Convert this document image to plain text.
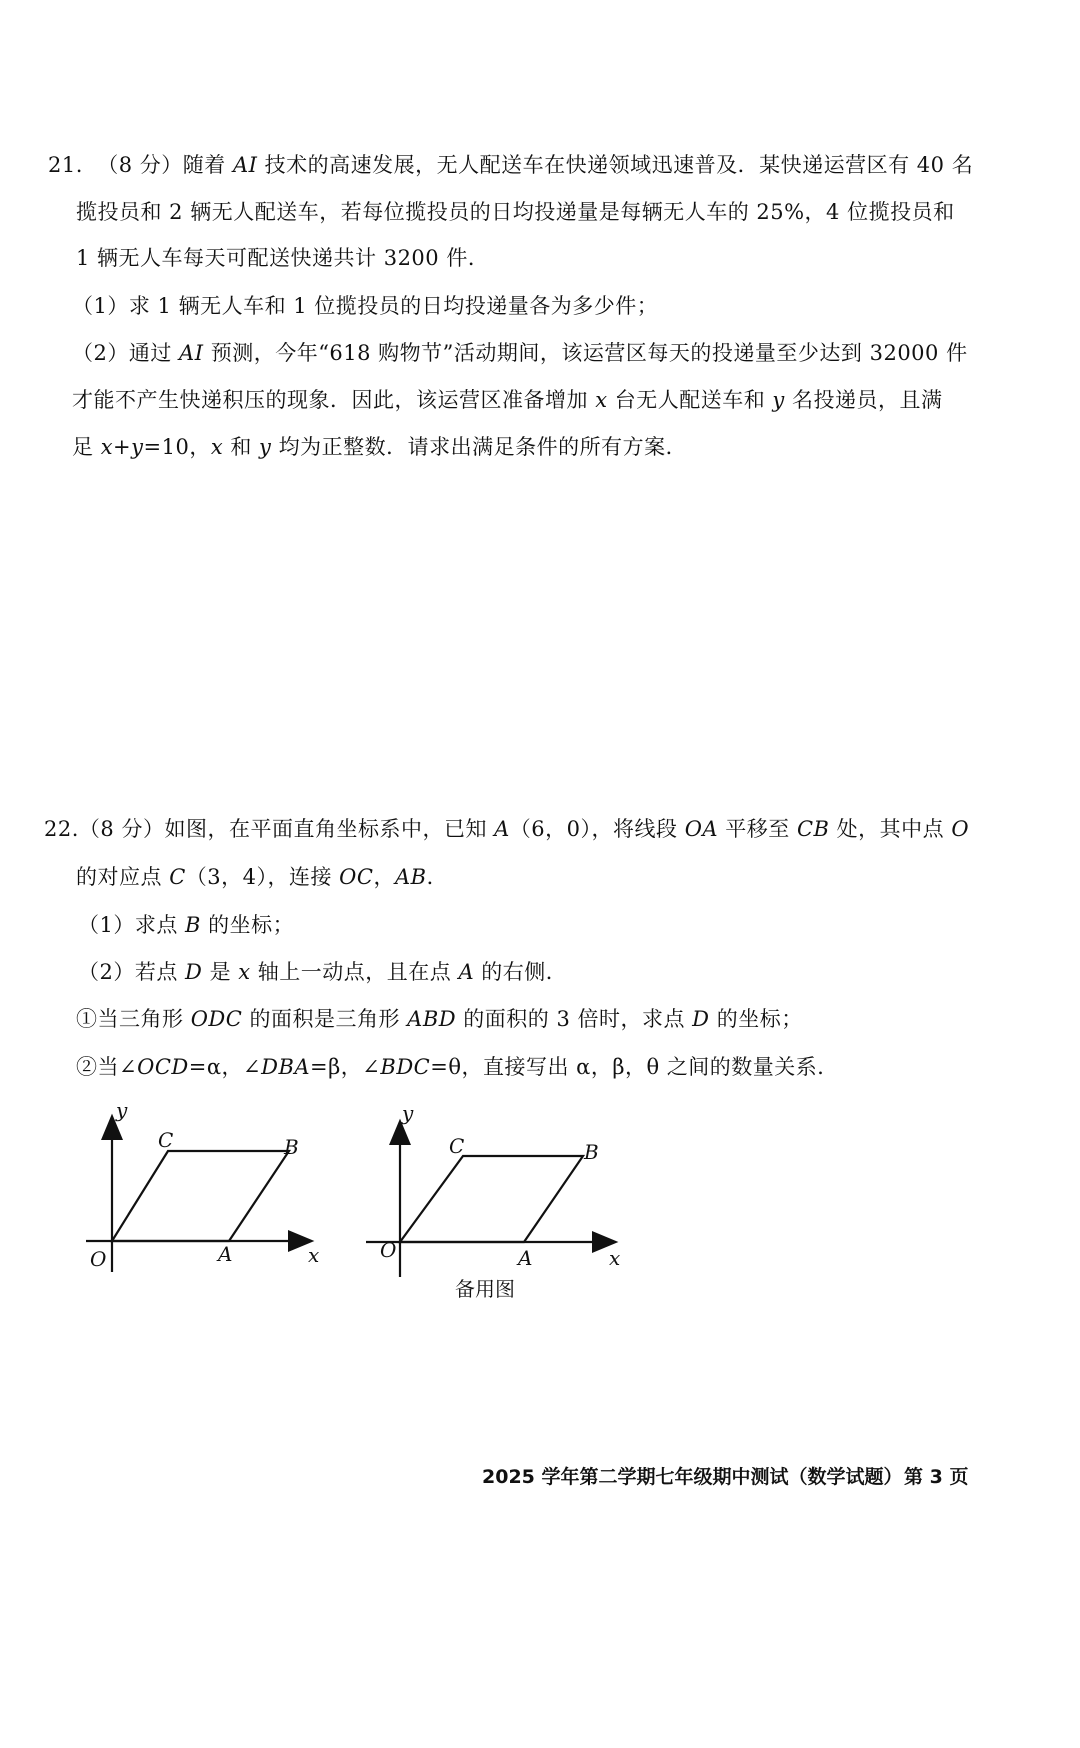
21. （8 分）随着 AI 技术的高速发展，无人配送车在快递领域迅速普及．某快递运营区有 40 名
揽投员和 2 辆无人配送车，若每位揽投员的日均投递量是每辆无人车的 25%，4 位揽投员和
1 辆无人车每天可配送快递共计 3200 件．
（1）求 1 辆无人车和 1 位揽投员的日均投递量各为多少件；
（2）通过 AI 预测，今年“618 购物节”活动期间，该运营区每天的投递量至少达到 32000 件
才能不产生快递积压的现象．因此，该运营区准备增加 x 台无人配送车和 y 名投递员，且满
足 x+y=10，x 和 y 均为正整数．请求出满足条件的所有方案．
22.（8 分）如图，在平面直角坐标系中，已知 A（6，0），将线段 OA 平移至 CB 处，其中点 O
的对应点 C（3，4），连接 OC，AB．
（1）求点 B 的坐标；
（2）若点 D 是 x 轴上一动点，且在点 A 的右侧．
①当三角形 ODC 的面积是三角形 ABD 的面积的 3 倍时，求点 D 的坐标；
②当∠OCD=α，∠DBA=β，∠BDC=θ，直接写出 α，β，θ 之间的数量关系．
y
C	B
O	A	x
y
C	B
O	A	x
备用图
2025 学年第二学期七年级期中测试（数学试题） 第 3 页
